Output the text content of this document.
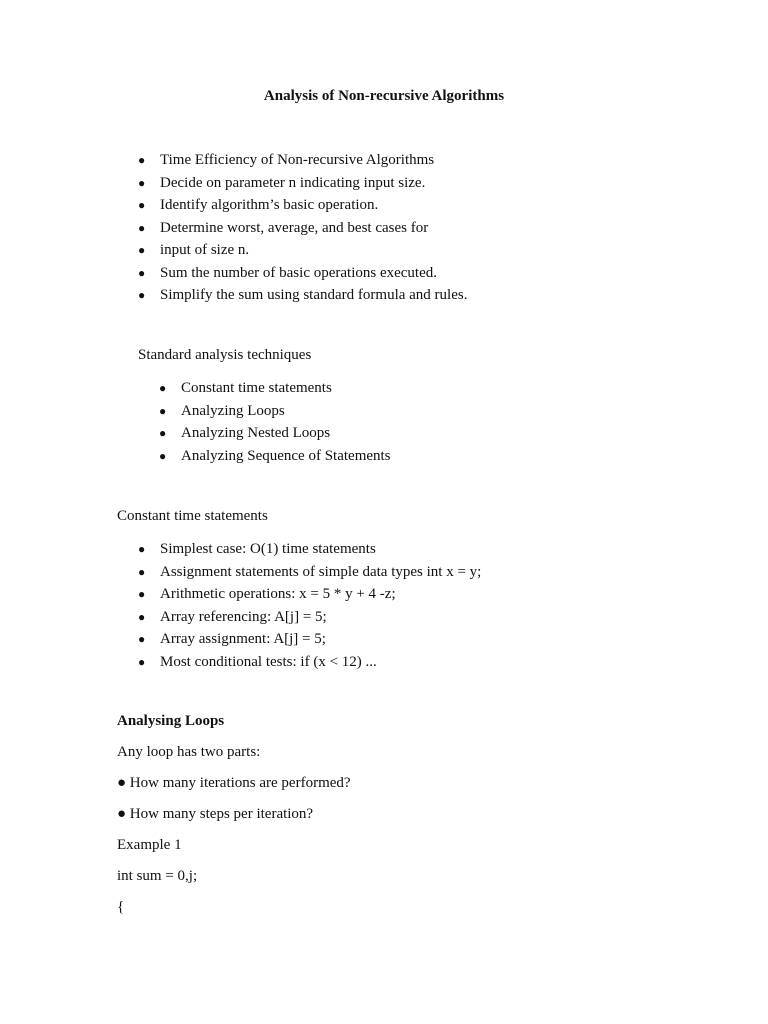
Analysis of Non-recursive Algorithms
● Time Efficiency of Non-recursive Algorithms
● Decide on parameter n indicating input size.
● Identify algorithm’s basic operation.
● Determine worst, average, and best cases for
● input of size n.
● Sum the number of basic operations executed.
● Simplify the sum using standard formula and rules.
Standard analysis techniques
● Constant time statements
● Analyzing Loops
● Analyzing Nested Loops
● Analyzing Sequence of Statements
Constant time statements
● Simplest case: O(1) time statements
● Assignment statements of simple data types int x = y;
● Arithmetic operations: x = 5 * y + 4 -z;
● Array referencing: A[j] = 5;
● Array assignment: A[j] = 5;
● Most conditional tests: if (x < 12) ...
Analysing Loops
Any loop has two parts:
● How many iterations are performed?
● How many steps per iteration?
Example 1
int sum = 0,j;
{
